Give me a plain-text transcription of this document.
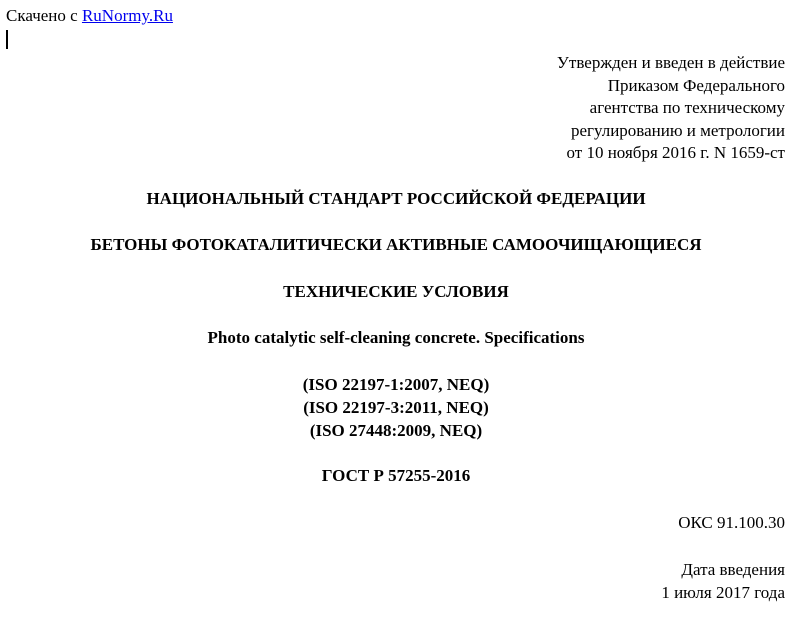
Скачено с RuNormy.Ru
Утвержден и введен в действие
Приказом Федерального
агентства по техническому
регулированию и метрологии
от 10 ноября 2016 г. N 1659-ст
НАЦИОНАЛЬНЫЙ СТАНДАРТ РОССИЙСКОЙ ФЕДЕРАЦИИ
БЕТОНЫ ФОТОКАТАЛИТИЧЕСКИ АКТИВНЫЕ САМООЧИЩАЮЩИЕСЯ
ТЕХНИЧЕСКИЕ УСЛОВИЯ
Photo catalytic self-cleaning concrete. Specifications
(ISO 22197-1:2007, NEQ)
(ISO 22197-3:2011, NEQ)
(ISO 27448:2009, NEQ)
ГОСТ Р 57255-2016
ОКС 91.100.30
Дата введения
1 июля 2017 года
